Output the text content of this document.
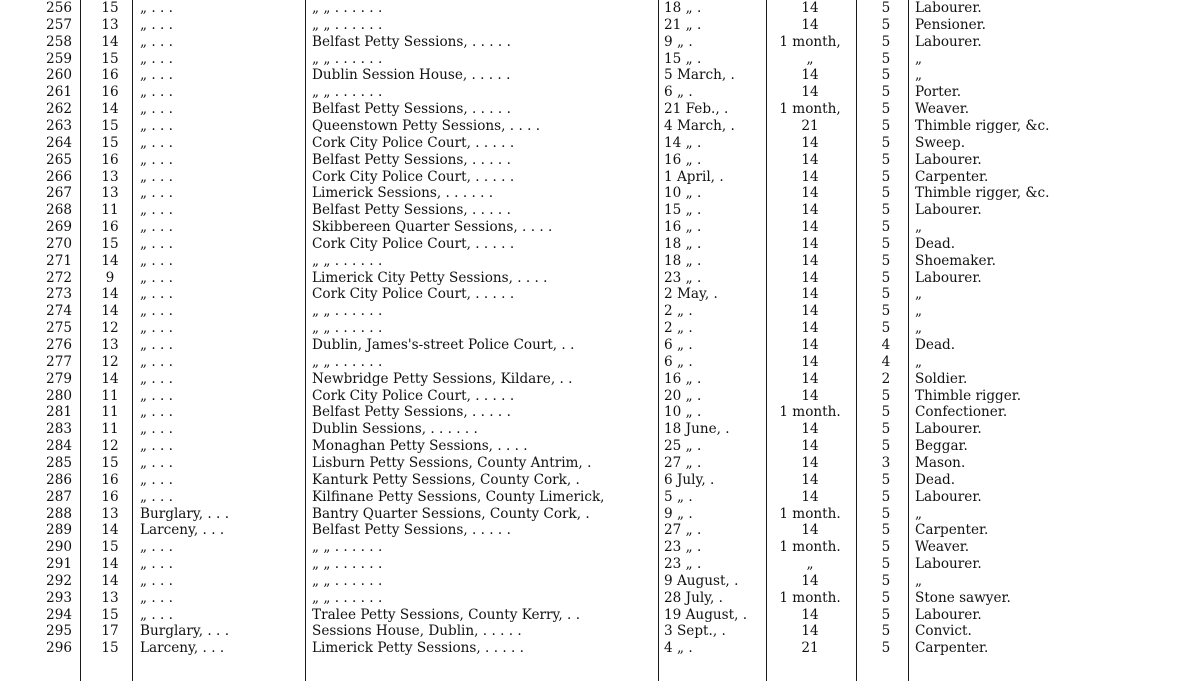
256	15	„ . . .	„ „ . . . . . .	18 „ .	14	5	Labourer.
257	13	„ . . .	„ „ . . . . . .	21 „ .	14	5	Pensioner.
258	14	„ . . .	Belfast Petty Sessions, . . . . .	9 „ .	1 month,	5	Labourer.
259	15	„ . . .	„ „ . . . . . .	15 „ .	„	5	„
260	16	„ . . .	Dublin Session House, . . . . .	5 March, .	14	5	„
261	16	„ . . .	„ „ . . . . . .	6 „ .	14	5	Porter.
262	14	„ . . .	Belfast Petty Sessions, . . . . .	21 Feb., .	1 month,	5	Weaver.
263	15	„ . . .	Queenstown Petty Sessions, . . . .	4 March, .	21	5	Thimble rigger, &c.
264	15	„ . . .	Cork City Police Court, . . . . .	14 „ .	14	5	Sweep.
265	16	„ . . .	Belfast Petty Sessions, . . . . .	16 „ .	14	5	Labourer.
266	13	„ . . .	Cork City Police Court, . . . . .	1 April, .	14	5	Carpenter.
267	13	„ . . .	Limerick Sessions, . . . . . .	10 „ .	14	5	Thimble rigger, &c.
268	11	„ . . .	Belfast Petty Sessions, . . . . .	15 „ .	14	5	Labourer.
269	16	„ . . .	Skibbereen Quarter Sessions, . . . .	16 „ .	14	5	„
270	15	„ . . .	Cork City Police Court, . . . . .	18 „ .	14	5	Dead.
271	14	„ . . .	„ „ . . . . . .	18 „ .	14	5	Shoemaker.
272	9	„ . . .	Limerick City Petty Sessions, . . . .	23 „ .	14	5	Labourer.
273	14	„ . . .	Cork City Police Court, . . . . .	2 May, .	14	5	„
274	14	„ . . .	„ „ . . . . . .	2 „ .	14	5	„
275	12	„ . . .	„ „ . . . . . .	2 „ .	14	5	„
276	13	„ . . .	Dublin, James's-street Police Court, . .	6 „ .	14	4	Dead.
277	12	„ . . .	„ „ . . . . . .	6 „ .	14	4	„
279	14	„ . . .	Newbridge Petty Sessions, Kildare, . .	16 „ .	14	2	Soldier.
280	11	„ . . .	Cork City Police Court, . . . . .	20 „ .	14	5	Thimble rigger.
281	11	„ . . .	Belfast Petty Sessions, . . . . .	10 „ .	1 month.	5	Confectioner.
283	11	„ . . .	Dublin Sessions, . . . . . .	18 June, .	14	5	Labourer.
284	12	„ . . .	Monaghan Petty Sessions, . . . .	25 „ .	14	5	Beggar.
285	15	„ . . .	Lisburn Petty Sessions, County Antrim, .	27 „ .	14	3	Mason.
286	16	„ . . .	Kanturk Petty Sessions, County Cork, .	6 July, .	14	5	Dead.
287	16	„ . . .	Kilfinane Petty Sessions, County Limerick,	5 „ .	14	5	Labourer.
288	13	Burglary, . . .	Bantry Quarter Sessions, County Cork, .	9 „ .	1 month.	5	„
289	14	Larceny, . . .	Belfast Petty Sessions, . . . . .	27 „ .	14	5	Carpenter.
290	15	„ . . .	„ „ . . . . . .	23 „ .	1 month.	5	Weaver.
291	14	„ . . .	„ „ . . . . . .	23 „ .	„	5	Labourer.
292	14	„ . . .	„ „ . . . . . .	9 August, .	14	5	„
293	13	„ . . .	„ „ . . . . . .	28 July, .	1 month.	5	Stone sawyer.
294	15	„ . . .	Tralee Petty Sessions, County Kerry, . .	19 August, .	14	5	Labourer.
295	17	Burglary, . . .	Sessions House, Dublin, . . . . .	3 Sept., .	14	5	Convict.
296	15	Larceny, . . .	Limerick Petty Sessions, . . . . .	4 „ .	21	5	Carpenter.
